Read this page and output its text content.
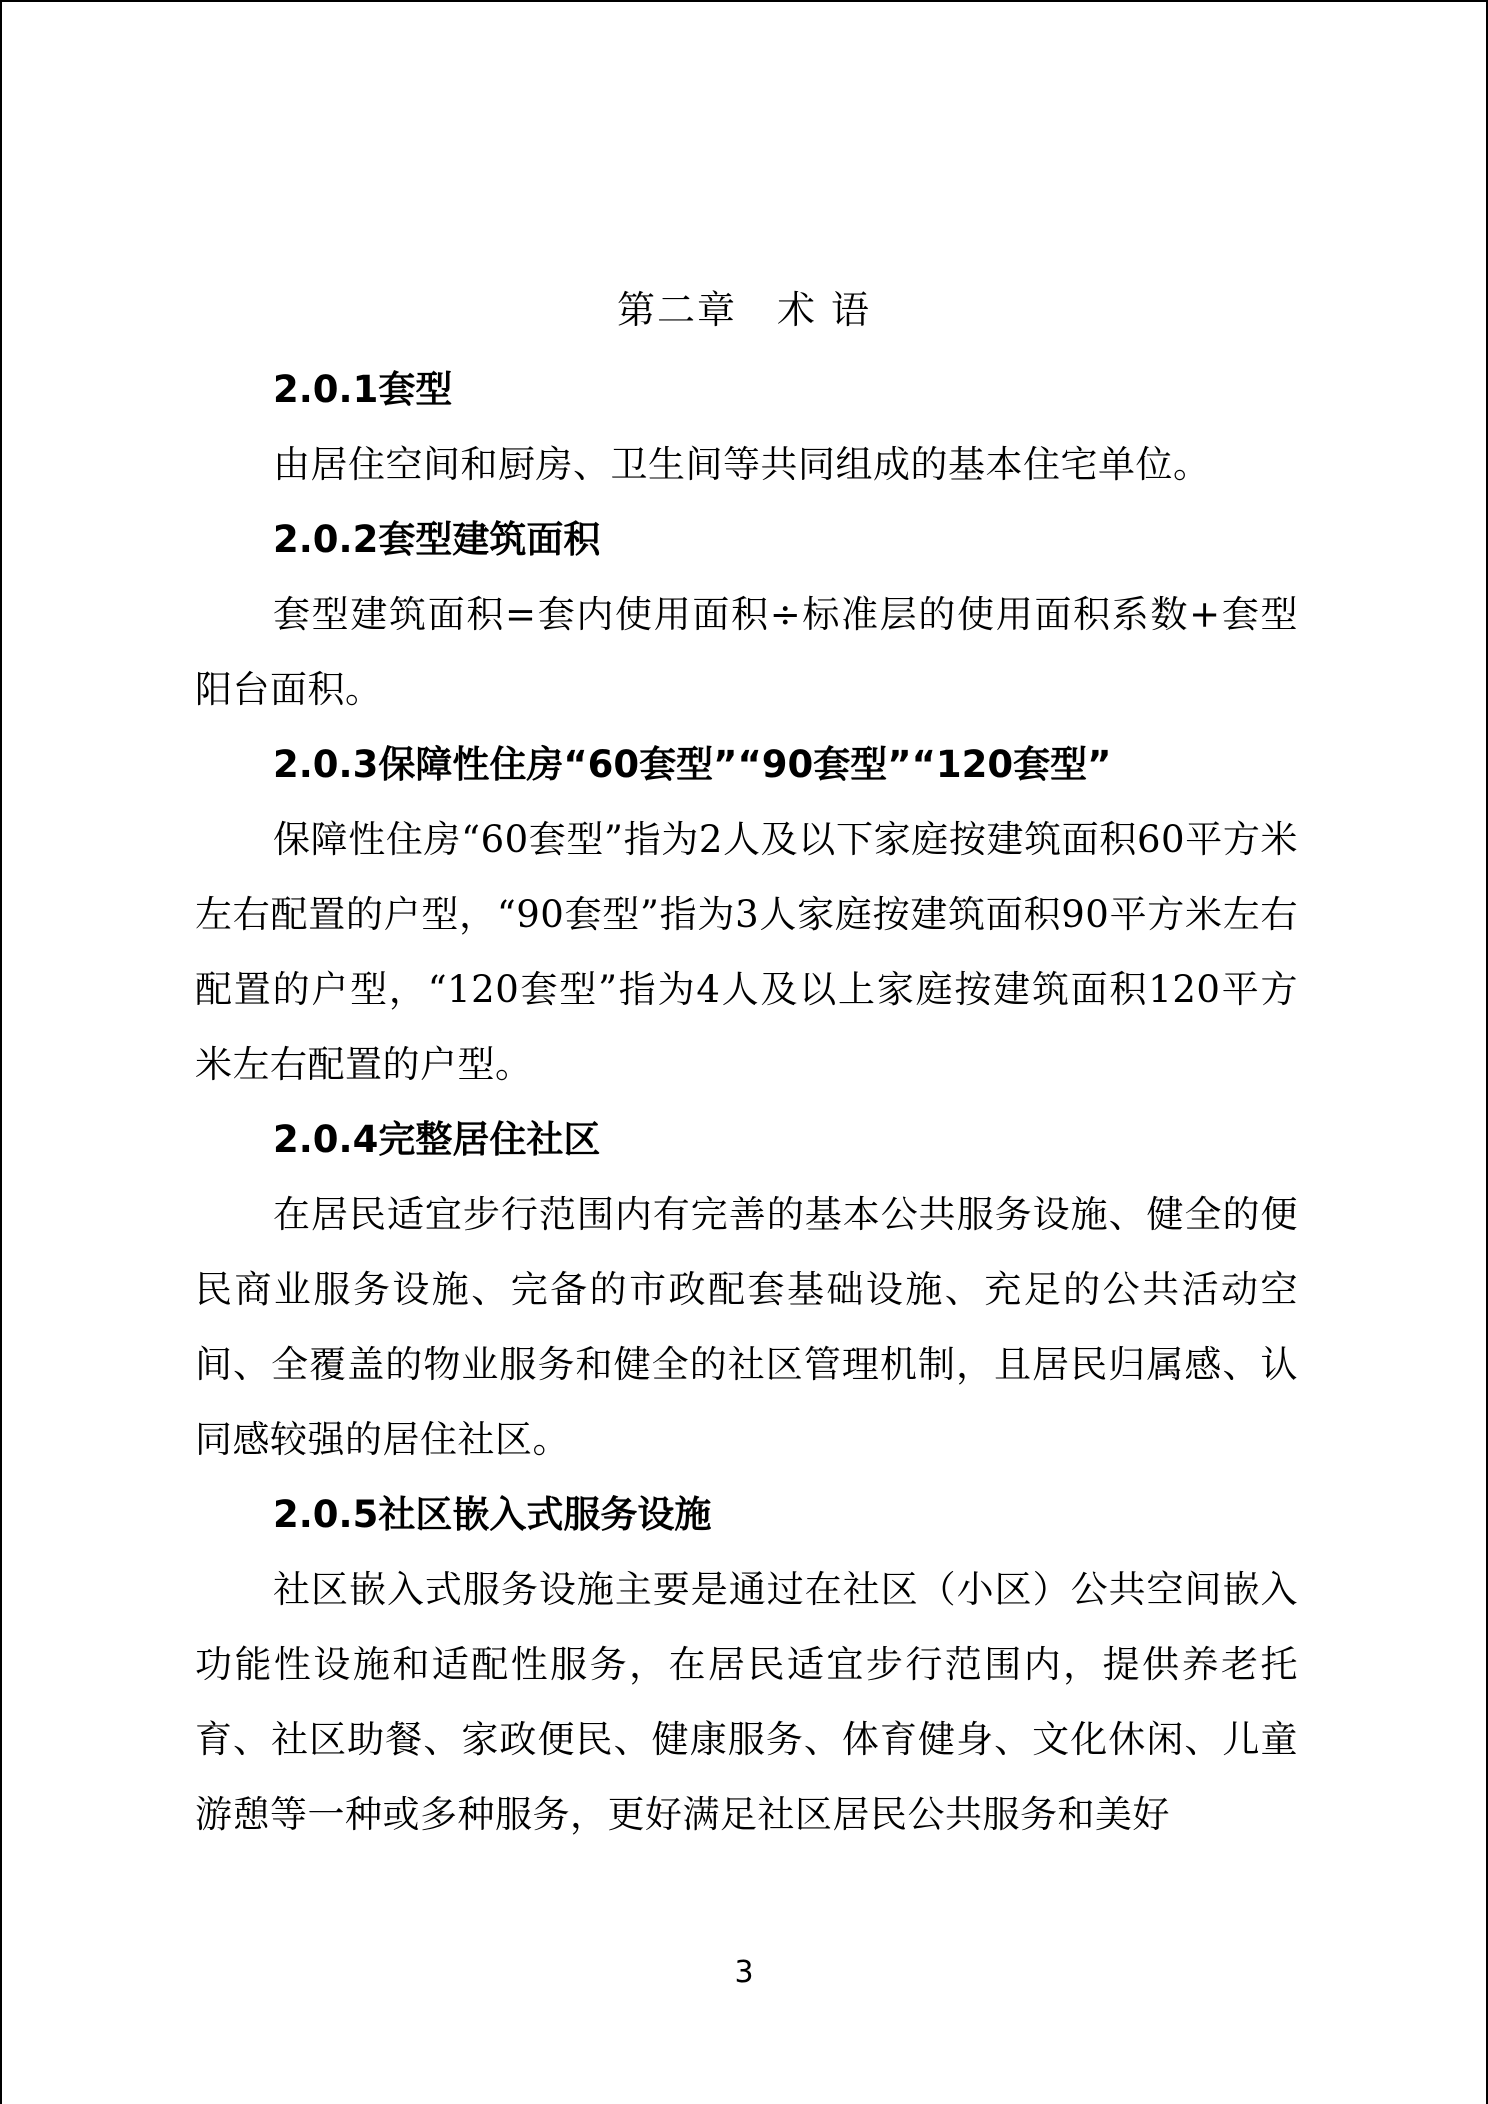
第二章　术 语
2.0.1套型
由居住空间和厨房、卫生间等共同组成的基本住宅单位。
2.0.2套型建筑面积
套型建筑面积=套内使用面积÷标准层的使用面积系数+套型阳台面积。
2.0.3保障性住房“60套型”“90套型”“120套型”
保障性住房“60套型”指为2人及以下家庭按建筑面积60平方米左右配置的户型，“90套型”指为3人家庭按建筑面积90平方米左右配置的户型，“120套型”指为4人及以上家庭按建筑面积120平方米左右配置的户型。
2.0.4完整居住社区
在居民适宜步行范围内有完善的基本公共服务设施、健全的便民商业服务设施、完备的市政配套基础设施、充足的公共活动空间、全覆盖的物业服务和健全的社区管理机制，且居民归属感、认同感较强的居住社区。
2.0.5社区嵌入式服务设施
社区嵌入式服务设施主要是通过在社区（小区）公共空间嵌入功能性设施和适配性服务，在居民适宜步行范围内，提供养老托育、社区助餐、家政便民、健康服务、体育健身、文化休闲、儿童游憩等一种或多种服务，更好满足社区居民公共服务和美好
3
